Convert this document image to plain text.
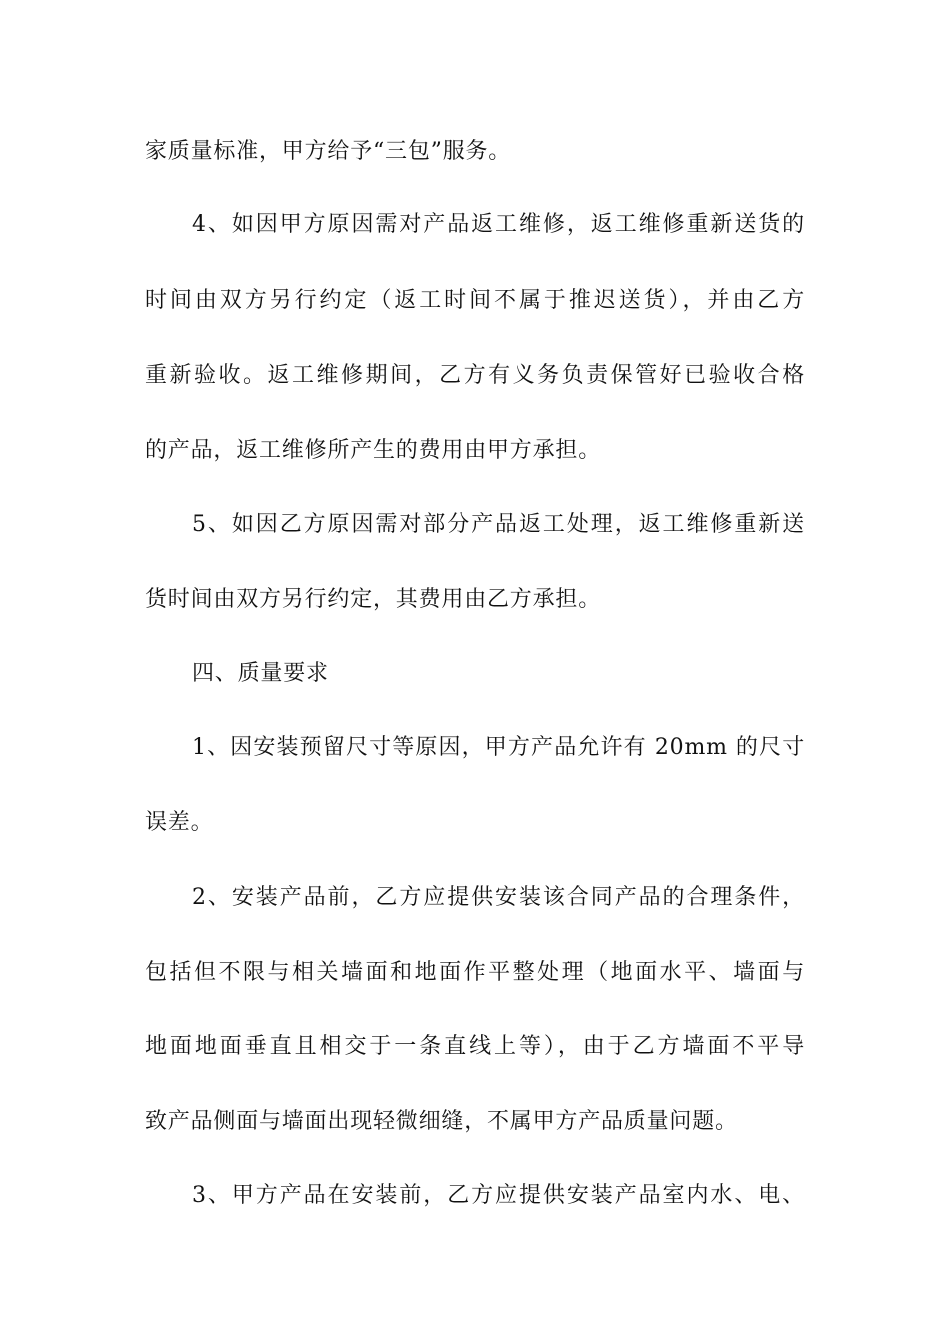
家质量标准，甲方给予“三包”服务。
4、如因甲方原因需对产品返工维修，返工维修重新送货的
时间由双方另行约定（返工时间不属于推迟送货），并由乙方
重新验收。返工维修期间，乙方有义务负责保管好已验收合格
的产品，返工维修所产生的费用由甲方承担。
5、如因乙方原因需对部分产品返工处理，返工维修重新送
货时间由双方另行约定，其费用由乙方承担。
四、质量要求
1、因安装预留尺寸等原因，甲方产品允许有 20mm 的尺寸
误差。
2、安装产品前，乙方应提供安装该合同产品的合理条件，
包括但不限与相关墙面和地面作平整处理（地面水平、墙面与
地面地面垂直且相交于一条直线上等），由于乙方墙面不平导
致产品侧面与墙面出现轻微细缝，不属甲方产品质量问题。
3、甲方产品在安装前，乙方应提供安装产品室内水、电、
